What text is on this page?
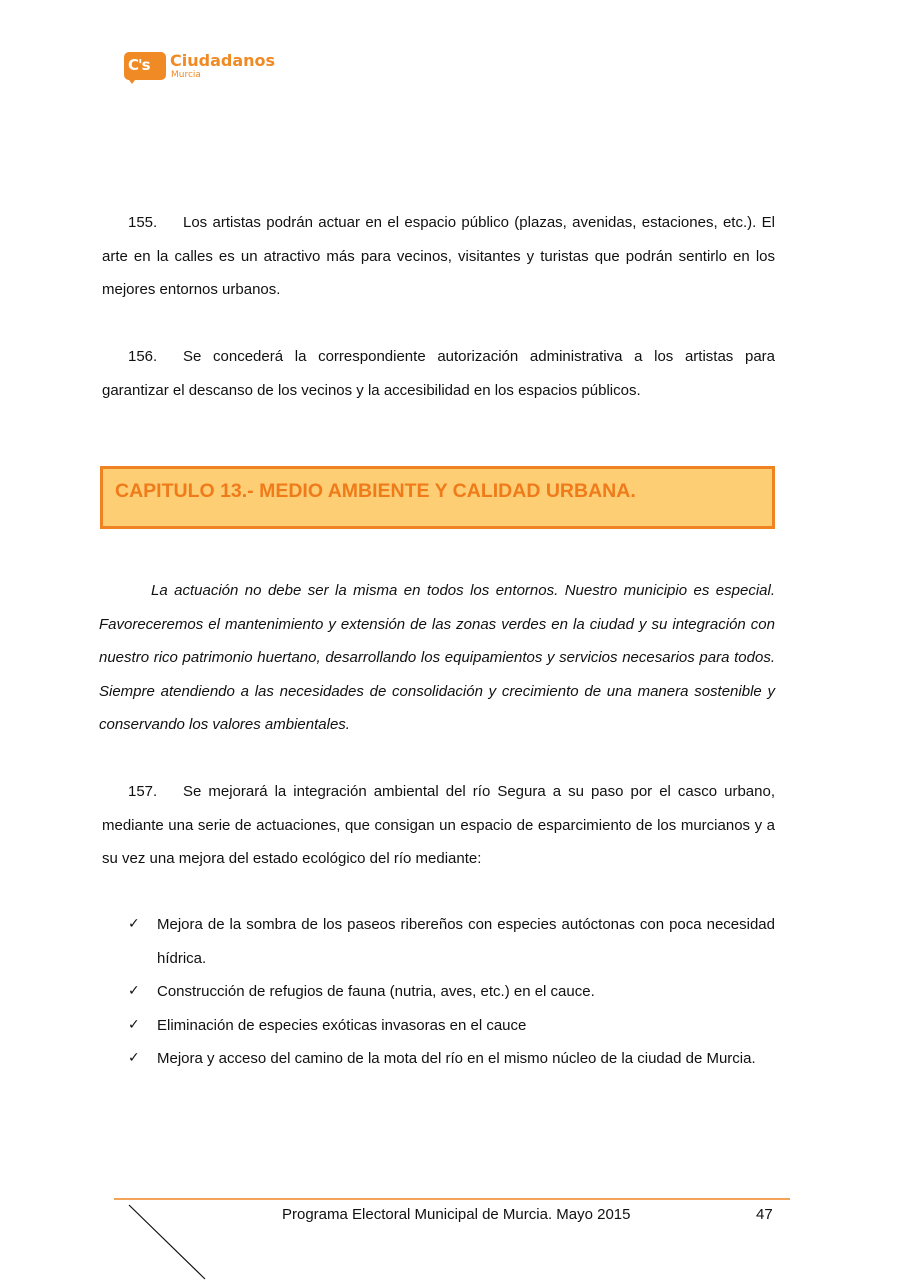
C's Ciudadanos
Murcia

155. Los artistas podrán actuar en el espacio público (plazas, avenidas, estaciones, etc.). El arte en la calles es un atractivo más para vecinos, visitantes y turistas que podrán sentirlo en los mejores entornos urbanos.

156. Se concederá la correspondiente autorización administrativa a los artistas para garantizar el descanso de los vecinos y la accesibilidad en los espacios públicos.

CAPITULO 13.- MEDIO AMBIENTE Y CALIDAD URBANA.

La actuación no debe ser la misma en todos los entornos. Nuestro municipio es especial. Favoreceremos el mantenimiento y extensión de las zonas verdes en la ciudad y su integración con nuestro rico patrimonio huertano, desarrollando los equipamientos y servicios necesarios para todos. Siempre atendiendo a las necesidades de consolidación y crecimiento de una manera sostenible y conservando los valores ambientales.

157. Se mejorará la integración ambiental del río Segura a su paso por el casco urbano, mediante una serie de actuaciones, que consigan un espacio de esparcimiento de los murcianos y a su vez una mejora del estado ecológico del río mediante:

✓ Mejora de la sombra de los paseos ribereños con especies autóctonas con poca necesidad hídrica.
✓ Construcción de refugios de fauna (nutria, aves, etc.) en el cauce.
✓ Eliminación de especies exóticas invasoras en el cauce
✓ Mejora y acceso del camino de la mota del río en el mismo núcleo de la ciudad de Murcia.
Programa Electoral Municipal de Murcia. Mayo 2015	47
